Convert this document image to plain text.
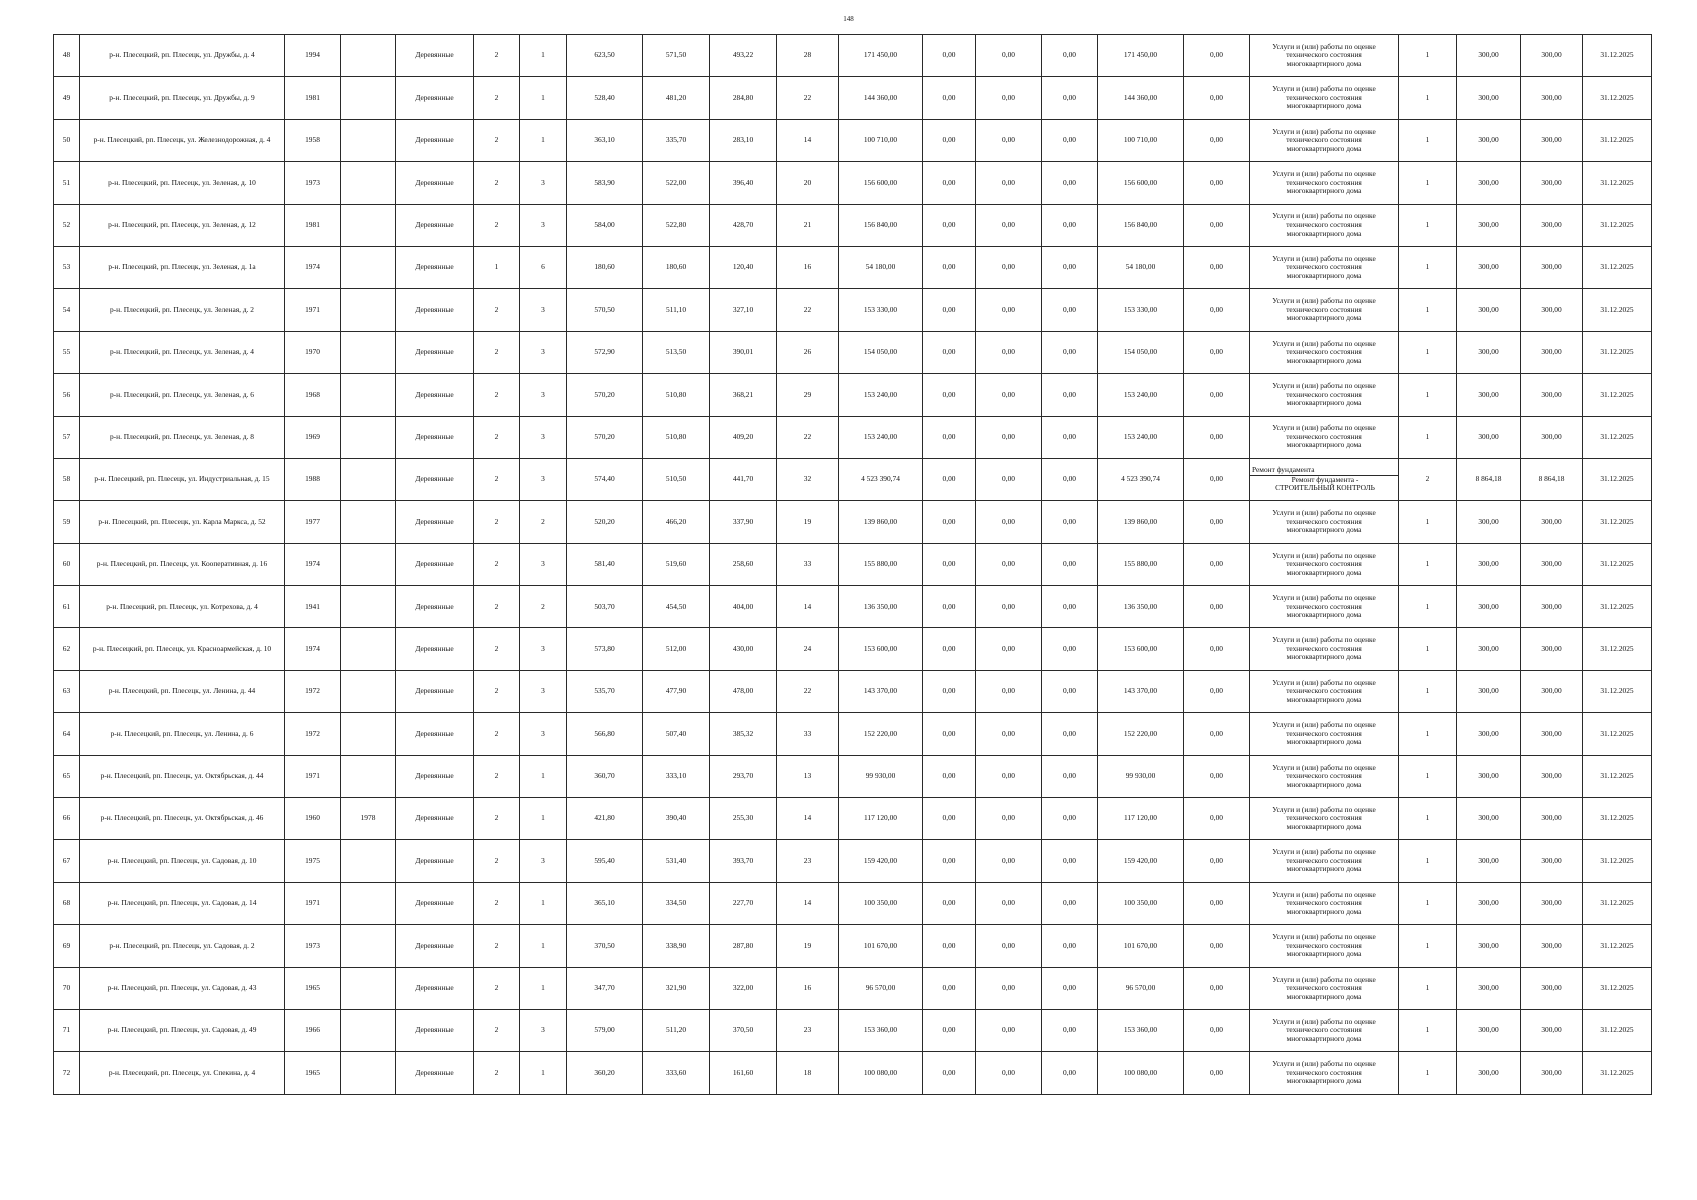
148
48	р-н. Плесецкий, рп. Плесецк, ул. Дружбы, д. 4	1994		Деревянные	2	1	623,50	571,50	493,22	28	171 450,00	0,00	0,00	0,00	171 450,00	0,00	Услуги и (или) работы по оценке
технического состояния
многоквартирного дома	1	300,00	300,00	31.12.2025
49	р-н. Плесецкий, рп. Плесецк, ул. Дружбы, д. 9	1981		Деревянные	2	1	528,40	481,20	284,80	22	144 360,00	0,00	0,00	0,00	144 360,00	0,00	Услуги и (или) работы по оценке
технического состояния
многоквартирного дома	1	300,00	300,00	31.12.2025
50	р-н. Плесецкий, рп. Плесецк, ул. Железнодорожная, д. 4	1958		Деревянные	2	1	363,10	335,70	283,10	14	100 710,00	0,00	0,00	0,00	100 710,00	0,00	Услуги и (или) работы по оценке
технического состояния
многоквартирного дома	1	300,00	300,00	31.12.2025
51	р-н. Плесецкий, рп. Плесецк, ул. Зеленая, д. 10	1973		Деревянные	2	3	583,90	522,00	396,40	20	156 600,00	0,00	0,00	0,00	156 600,00	0,00	Услуги и (или) работы по оценке
технического состояния
многоквартирного дома	1	300,00	300,00	31.12.2025
52	р-н. Плесецкий, рп. Плесецк, ул. Зеленая, д. 12	1981		Деревянные	2	3	584,00	522,80	428,70	21	156 840,00	0,00	0,00	0,00	156 840,00	0,00	Услуги и (или) работы по оценке
технического состояния
многоквартирного дома	1	300,00	300,00	31.12.2025
53	р-н. Плесецкий, рп. Плесецк, ул. Зеленая, д. 1а	1974		Деревянные	1	6	180,60	180,60	120,40	16	54 180,00	0,00	0,00	0,00	54 180,00	0,00	Услуги и (или) работы по оценке
технического состояния
многоквартирного дома	1	300,00	300,00	31.12.2025
54	р-н. Плесецкий, рп. Плесецк, ул. Зеленая, д. 2	1971		Деревянные	2	3	570,50	511,10	327,10	22	153 330,00	0,00	0,00	0,00	153 330,00	0,00	Услуги и (или) работы по оценке
технического состояния
многоквартирного дома	1	300,00	300,00	31.12.2025
55	р-н. Плесецкий, рп. Плесецк, ул. Зеленая, д. 4	1970		Деревянные	2	3	572,90	513,50	390,01	26	154 050,00	0,00	0,00	0,00	154 050,00	0,00	Услуги и (или) работы по оценке
технического состояния
многоквартирного дома	1	300,00	300,00	31.12.2025
56	р-н. Плесецкий, рп. Плесецк, ул. Зеленая, д. 6	1968		Деревянные	2	3	570,20	510,80	368,21	29	153 240,00	0,00	0,00	0,00	153 240,00	0,00	Услуги и (или) работы по оценке
технического состояния
многоквартирного дома	1	300,00	300,00	31.12.2025
57	р-н. Плесецкий, рп. Плесецк, ул. Зеленая, д. 8	1969		Деревянные	2	3	570,20	510,80	409,20	22	153 240,00	0,00	0,00	0,00	153 240,00	0,00	Услуги и (или) работы по оценке
технического состояния
многоквартирного дома	1	300,00	300,00	31.12.2025
58	р-н. Плесецкий, рп. Плесецк, ул. Индустриальная, д. 15	1988		Деревянные	2	3	574,40	510,50	441,70	32	4 523 390,74	0,00	0,00	0,00	4 523 390,74	0,00	Ремонт фундамента
Ремонт фундамента -
СТРОИТЕЛЬНЫЙ КОНТРОЛЬ	2	8 864,18	8 864,18	31.12.2025
59	р-н. Плесецкий, рп. Плесецк, ул. Карла Маркса, д. 52	1977		Деревянные	2	2	520,20	466,20	337,90	19	139 860,00	0,00	0,00	0,00	139 860,00	0,00	Услуги и (или) работы по оценке
технического состояния
многоквартирного дома	1	300,00	300,00	31.12.2025
60	р-н. Плесецкий, рп. Плесецк, ул. Кооперативная, д. 16	1974		Деревянные	2	3	581,40	519,60	258,60	33	155 880,00	0,00	0,00	0,00	155 880,00	0,00	Услуги и (или) работы по оценке
технического состояния
многоквартирного дома	1	300,00	300,00	31.12.2025
61	р-н. Плесецкий, рп. Плесецк, ул. Котрехова, д. 4	1941		Деревянные	2	2	503,70	454,50	404,00	14	136 350,00	0,00	0,00	0,00	136 350,00	0,00	Услуги и (или) работы по оценке
технического состояния
многоквартирного дома	1	300,00	300,00	31.12.2025
62	р-н. Плесецкий, рп. Плесецк, ул. Красноармейская, д. 10	1974		Деревянные	2	3	573,80	512,00	430,00	24	153 600,00	0,00	0,00	0,00	153 600,00	0,00	Услуги и (или) работы по оценке
технического состояния
многоквартирного дома	1	300,00	300,00	31.12.2025
63	р-н. Плесецкий, рп. Плесецк, ул. Ленина, д. 44	1972		Деревянные	2	3	535,70	477,90	478,00	22	143 370,00	0,00	0,00	0,00	143 370,00	0,00	Услуги и (или) работы по оценке
технического состояния
многоквартирного дома	1	300,00	300,00	31.12.2025
64	р-н. Плесецкий, рп. Плесецк, ул. Ленина, д. 6	1972		Деревянные	2	3	566,80	507,40	385,32	33	152 220,00	0,00	0,00	0,00	152 220,00	0,00	Услуги и (или) работы по оценке
технического состояния
многоквартирного дома	1	300,00	300,00	31.12.2025
65	р-н. Плесецкий, рп. Плесецк, ул. Октябрьская, д. 44	1971		Деревянные	2	1	360,70	333,10	293,70	13	99 930,00	0,00	0,00	0,00	99 930,00	0,00	Услуги и (или) работы по оценке
технического состояния
многоквартирного дома	1	300,00	300,00	31.12.2025
66	р-н. Плесецкий, рп. Плесецк, ул. Октябрьская, д. 46	1960	1978	Деревянные	2	1	421,80	390,40	255,30	14	117 120,00	0,00	0,00	0,00	117 120,00	0,00	Услуги и (или) работы по оценке
технического состояния
многоквартирного дома	1	300,00	300,00	31.12.2025
67	р-н. Плесецкий, рп. Плесецк, ул. Садовая, д. 10	1975		Деревянные	2	3	595,40	531,40	393,70	23	159 420,00	0,00	0,00	0,00	159 420,00	0,00	Услуги и (или) работы по оценке
технического состояния
многоквартирного дома	1	300,00	300,00	31.12.2025
68	р-н. Плесецкий, рп. Плесецк, ул. Садовая, д. 14	1971		Деревянные	2	1	365,10	334,50	227,70	14	100 350,00	0,00	0,00	0,00	100 350,00	0,00	Услуги и (или) работы по оценке
технического состояния
многоквартирного дома	1	300,00	300,00	31.12.2025
69	р-н. Плесецкий, рп. Плесецк, ул. Садовая, д. 2	1973		Деревянные	2	1	370,50	338,90	287,80	19	101 670,00	0,00	0,00	0,00	101 670,00	0,00	Услуги и (или) работы по оценке
технического состояния
многоквартирного дома	1	300,00	300,00	31.12.2025
70	р-н. Плесецкий, рп. Плесецк, ул. Садовая, д. 43	1965		Деревянные	2	1	347,70	321,90	322,00	16	96 570,00	0,00	0,00	0,00	96 570,00	0,00	Услуги и (или) работы по оценке
технического состояния
многоквартирного дома	1	300,00	300,00	31.12.2025
71	р-н. Плесецкий, рп. Плесецк, ул. Садовая, д. 49	1966		Деревянные	2	3	579,00	511,20	370,50	23	153 360,00	0,00	0,00	0,00	153 360,00	0,00	Услуги и (или) работы по оценке
технического состояния
многоквартирного дома	1	300,00	300,00	31.12.2025
72	р-н. Плесецкий, рп. Плесецк, ул. Спекина, д. 4	1965		Деревянные	2	1	360,20	333,60	161,60	18	100 080,00	0,00	0,00	0,00	100 080,00	0,00	Услуги и (или) работы по оценке
технического состояния
многоквартирного дома	1	300,00	300,00	31.12.2025
